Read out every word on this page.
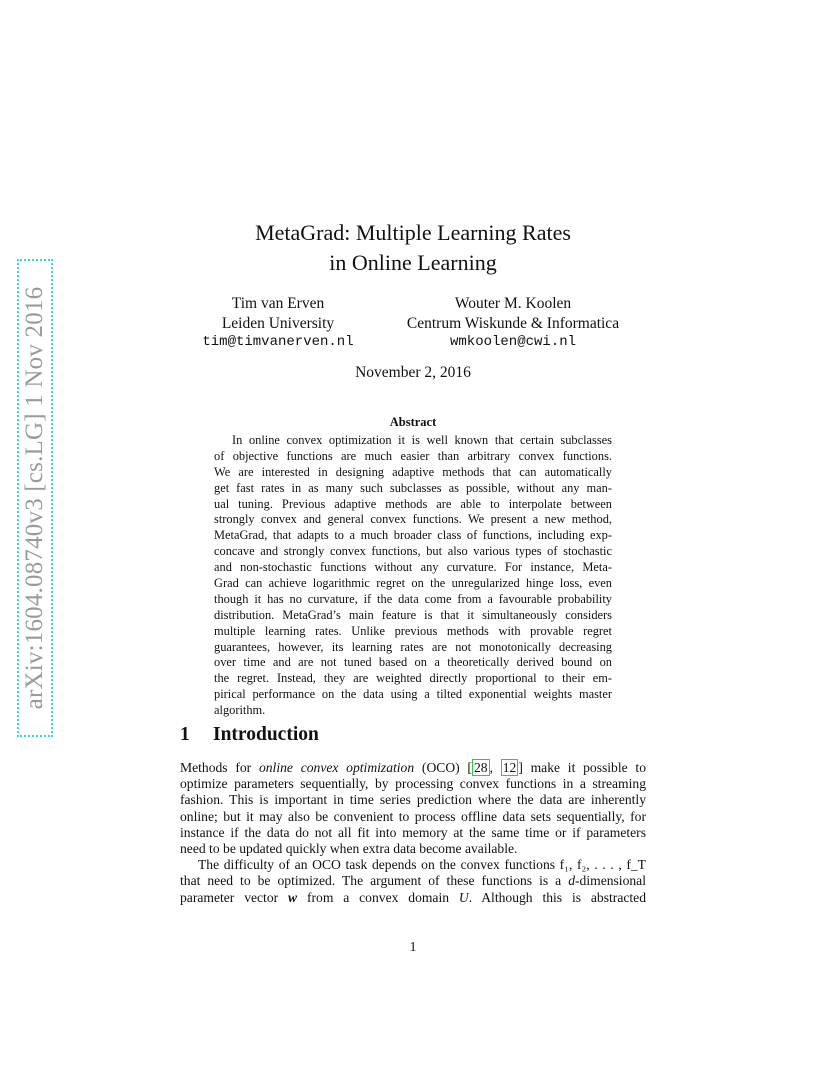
arXiv:1604.08740v3 [cs.LG] 1 Nov 2016
MetaGrad: Multiple Learning Rates
in Online Learning
Tim van Erven
Leiden University
tim@timvanerven.nl
Wouter M. Koolen
Centrum Wiskunde & Informatica
wmkoolen@cwi.nl
November 2, 2016
Abstract
In online convex optimization it is well known that certain subclasses
of objective functions are much easier than arbitrary convex functions.
We are interested in designing adaptive methods that can automatically
get fast rates in as many such subclasses as possible, without any man-
ual tuning. Previous adaptive methods are able to interpolate between
strongly convex and general convex functions. We present a new method,
MetaGrad, that adapts to a much broader class of functions, including exp-
concave and strongly convex functions, but also various types of stochastic
and non-stochastic functions without any curvature. For instance, Meta-
Grad can achieve logarithmic regret on the unregularized hinge loss, even
though it has no curvature, if the data come from a favourable probability
distribution. MetaGrad’s main feature is that it simultaneously considers
multiple learning rates. Unlike previous methods with provable regret
guarantees, however, its learning rates are not monotonically decreasing
over time and are not tuned based on a theoretically derived bound on
the regret. Instead, they are weighted directly proportional to their em-
pirical performance on the data using a tilted exponential weights master
algorithm.
1 Introduction
Methods for online convex optimization (OCO) [ 28 , 12 ] make it possible to
optimize parameters sequentially, by processing convex functions in a streaming
fashion. This is important in time series prediction where the data are inherently
online; but it may also be convenient to process offline data sets sequentially, for
instance if the data do not all fit into memory at the same time or if parameters
need to be updated quickly when extra data become available.
The difficulty of an OCO task depends on the convex functions f₁, f₂, . . . , f_T
that need to be optimized. The argument of these functions is a d-dimensional
parameter vector w from a convex domain U. Although this is abstracted
1
